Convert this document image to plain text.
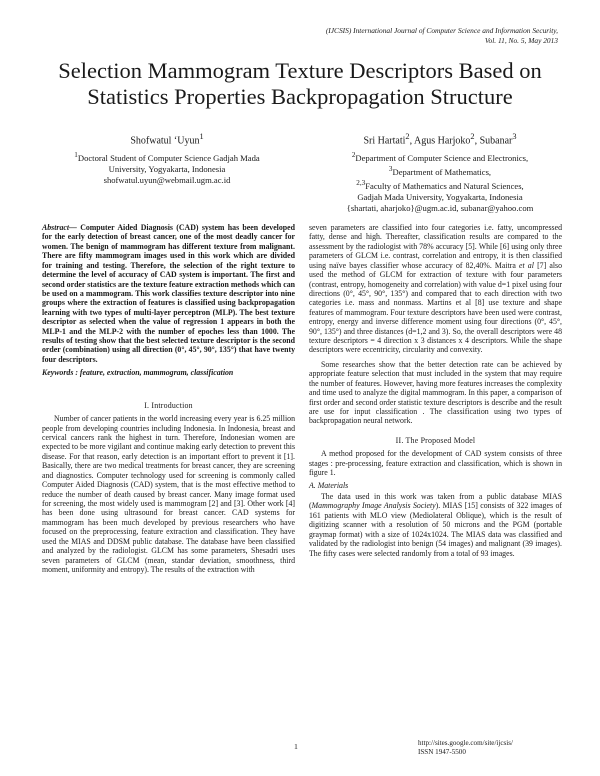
(IJCSIS) International Journal of Computer Science and Information Security,
Vol. 11, No. 5, May 2013
Selection Mammogram Texture Descriptors Based on Statistics Properties Backpropagation Structure
Shofwatul ‘Uyun$^1$
$^1$Doctoral Student of Computer Science Gadjah Mada
University, Yogyakarta, Indonesia
shofwatul.uyun@webmail.ugm.ac.id
Sri Hartati$^2$, Agus Harjoko$^2$, Subanar$^3$
$^2$Department of Computer Science and Electronics,
$^3$Department of Mathematics,
$^{2,3}$Faculty of Mathematics and Natural Sciences,
Gadjah Mada University, Yogyakarta, Indonesia
{shartati, aharjoko}@ugm.ac.id, subanar@yahoo.com

Abstract— Computer Aided Diagnosis (CAD) system has been developed for the early detection of breast cancer, one of the most deadly cancer for women. The benign of mammogram has different texture from malignant. There are fifty mammogram images used in this work which are divided for training and testing. Therefore, the selection of the right texture to determine the level of accuracy of CAD system is important. The first and second order statistics are the texture feature extraction methods which can be used on a mammogram. This work classifies texture descriptor into nine groups where the extraction of features is classified using backpropagation learning with two types of multi-layer perceptron (MLP). The best texture descriptor as selected when the value of regression 1 appears in both the MLP-1 and the MLP-2 with the number of epoches less than 1000. The results of testing show that the best selected texture descriptor is the second order (combination) using all direction (0°, 45°, 90°, 135°) that have twenty four descriptors.

Keywords : feature, extraction, mammogram, classification

I. Introduction

Number of cancer patients in the world increasing every year is 6.25 million people from developing countries including Indonesia. In Indonesia, breast and cervical cancers rank the highest in turn. Therefore, Indonesian women are expected to be more vigilant and continue making early detection to prevent this disease. For that reason, early detection is an important effort to prevent it [1]. Basically, there are two medical treatments for breast cancer, they are screening and diagnostics. Computer technology used for screening is commonly called Computer Aided Diagnosis (CAD) system, that is the most effective method to reduce the number of death caused by breast cancer. Many image format used for screening, the most widely used is mammogram [2] and [3]. Other work [4] has been done using ultrasound for breast cancer. CAD systems for mammogram has been much developed by previous researchers who have focused on the preprocessing, feature extraction and classification. They have used the MIAS and DDSM public database. The database have been classified and analyzed by the radiologist. GLCM has some parameters, Shesadri uses seven parameters of GLCM (mean, standar deviation, smoothness, third moment, uniformity and entropy). The results of the extraction with

seven parameters are classified into four categories i.e. fatty, uncompressed fatty, dense and high. Thereafter, classification results are compared to the assessment by the radiologist with 78% accuracy [5]. While [6] using only three parameters of GLCM i.e. contrast, correlation and entropy, it is then classified using naïve bayes classifier whose accuracy of 82,40%. Maitra et al [7] also used the method of GLCM for extraction of texture with four parameters (contrast, entropy, homogeneity and correlation) with value d=1 pixel using four directions (0°, 45°, 90°, 135°) and compared that to each direction with two categories i.e. mass and nonmass. Martins et al [8] use texture and shape features of mammogram. Four texture descriptors have been used were contrast, entropy, energy and inverse difference moment using four directions (0°, 45°, 90°, 135°) and three distances (d=1,2 and 3). So, the overall descriptors were 48 texture descriptors = 4 direction x 3 distances x 4 descriptors. While the shape descriptors were eccentricity, circularity and convexity.

Some researches show that the better detection rate can be achieved by appropriate feature selection that must included in the system that may require the number of features. However, having more features increases the complexity and time used to analyze the digital mammogram. In this paper, a comparison of first order and second order statistic texture descriptors is describe and the result are use for input classification . The classification using two types of backpropagation neural network.

II. The Proposed Model

A method proposed for the development of CAD system consists of three stages : pre-processing, feature extraction and classification, which is shown in figure 1.

A. Materials

The data used in this work was taken from a public database MIAS (Mammography Image Analysis Society). MIAS [15] consists of 322 images of 161 patients with MLO view (Mediolateral Oblique), which is the result of digitizing scanner with a resolution of 50 microns and the PGM (portable graymap format) with a size of 1024x1024. The MIAS data was classified and validated by the radiologist into benign (54 images) and malignant (39 images). The fifty cases were selected randomly from a total of 93 images.

1	http://sites.google.com/site/ijcsis/
ISSN 1947-5500
